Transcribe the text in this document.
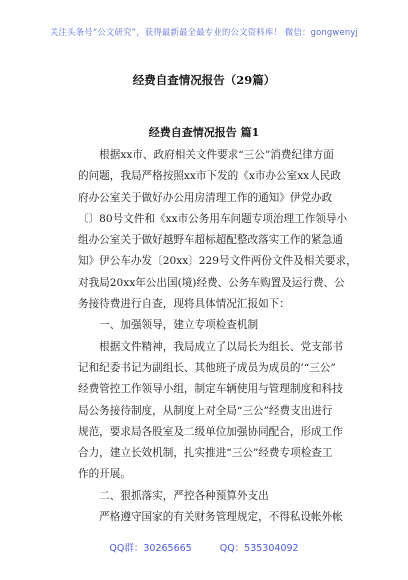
关注头条号“公文研究”，获得最新最全最专业的公文资料库！ 微信：gongwenyj
经费自查情况报告（29篇）
经费自查情况报告 篇1
　　根据xx市、政府相关文件要求“三公”消费纪律方面
的问题，我局严格按照xx市下发的《x市办公室xx人民政
府办公室关于做好办公用房清理工作的通知》伊党办政
〔〕80号文件和《xx市公务用车问题专项治理工作领导小
组办公室关于做好越野车超标超配整改落实工作的紧急通
知》伊公车办发〔20xx〕229号文件两份文件及相关要求，
对我局20xx年公出国(境)经费、公务车购置及运行费、公
务接待费进行自查，现将具体情况汇报如下：
　　一、加强领导，建立专项检查机制
　　根据文件精神，我局成立了以局长为组长、党支部书
记和纪委书记为副组长、其他班子成员为成员的’“三公”
经费管控工作领导小组，制定车辆使用与管理制度和科技
局公务接待制度，从制度上对全局“三公”经费支出进行
规范，要求局各股室及二级单位加强协同配合，形成工作
合力，建立长效机制，扎实推进“三公”经费专项检查工
作的开展。
　　二、狠抓落实，严控各种预算外支出
　　严格遵守国家的有关财务管理规定，不得私设帐外帐
QQ群：30265665	QQ：535304092
